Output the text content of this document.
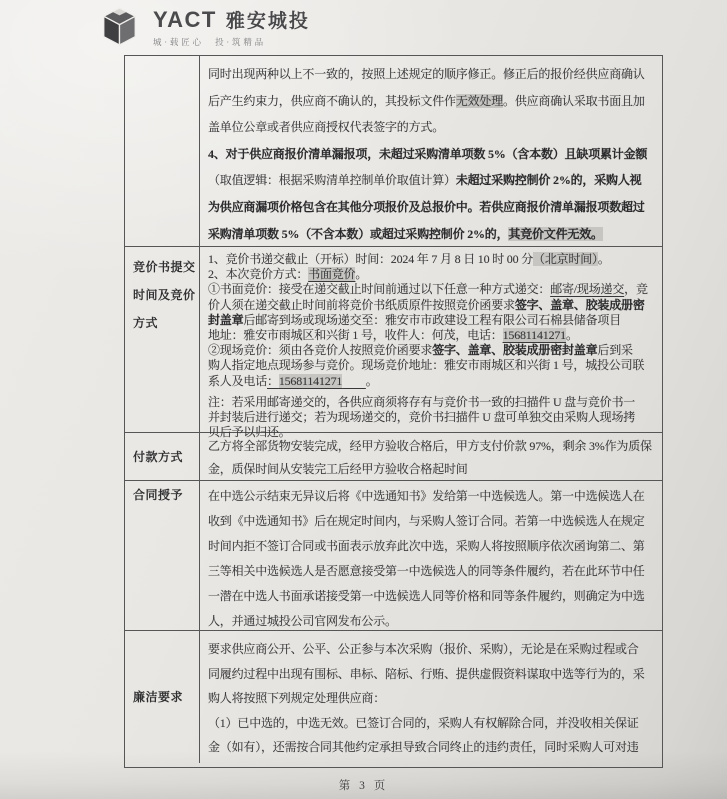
YACT 雅安城投
城·载匠心　投·筑精品
同时出现两种以上不一致的，按照上述规定的顺序修正。修正后的报价经供应商确认
后产生约束力，供应商不确认的，其投标文件作无效处理。供应商确认采取书面且加
盖单位公章或者供应商授权代表签字的方式。
4、对于供应商报价清单漏报项，未超过采购清单项数 5%（含本数）且缺项累计金额
（取值逻辑：根据采购清单控制单价取值计算）未超过采购控制价 2%的，采购人视
为供应商漏项价格包含在其他分项报价及总报价中。若供应商报价清单漏报项数超过
采购清单项数 5%（不含本数）或超过采购控制价 2%的，其竞价文件无效。
竞价书提交时间及竞价方式
1、竞价书递交截止（开标）时间：2024 年 7 月 8 日 10 时 00 分（北京时间）。
2、本次竞价方式：书面竞价。
①书面竞价：接受在递交截止时间前通过以下任意一种方式递交：邮寄/现场递交，竞
价人须在递交截止时间前将竞价书纸质原件按照竞价函要求签字、盖章、胶装成册密
封盖章后邮寄到场或现场递交至：雅安市市政建设工程有限公司石棉县储备项目
地址：雅安市雨城区和兴街 1 号，收件人：何茂，电话：15681141271。
②现场竞价：须由各竞价人按照竞价函要求签字、盖章、胶装成册密封盖章后到采
购人指定地点现场参与竞价。现场竞价地址：雅安市雨城区和兴街 1 号，城投公司联
系人及电话：15681141271　　 。
注：若采用邮寄递交的，各供应商须将存有与竞价书一致的扫描件 U 盘与竞价书一
并封装后进行递交；若为现场递交的，竞价书扫描件 U 盘可单独交由采购人现场拷
贝后予以归还。
付款方式
乙方将全部货物安装完成，经甲方验收合格后，甲方支付价款 97%，剩余 3%作为质保
金，质保时间从安装完工后经甲方验收合格起时间
合同授予	在中选公示结束无异议后将《中选通知书》发给第一中选候选人。第一中选候选人在
收到《中选通知书》后在规定时间内，与采购人签订合同。若第一中选候选人在规定
时间内拒不签订合同或书面表示放弃此次中选，采购人将按照顺序依次函询第二、第
三等相关中选候选人是否愿意接受第一中选候选人的同等条件履约，若在此环节中任
一潜在中选人书面承诺接受第一中选候选人同等价格和同等条件履约，则确定为中选
人，并通过城投公司官网发布公示。
廉洁要求
要求供应商公开、公平、公正参与本次采购（报价、采购），无论是在采购过程或合
同履约过程中出现有围标、串标、陪标、行贿、提供虚假资料谋取中选等行为的，采
购人将按照下列规定处理供应商：
（1）已中选的，中选无效。已签订合同的，采购人有权解除合同，并没收相关保证
金（如有），还需按合同其他约定承担导致合同终止的违约责任，同时采购人可对违
第 3 页
